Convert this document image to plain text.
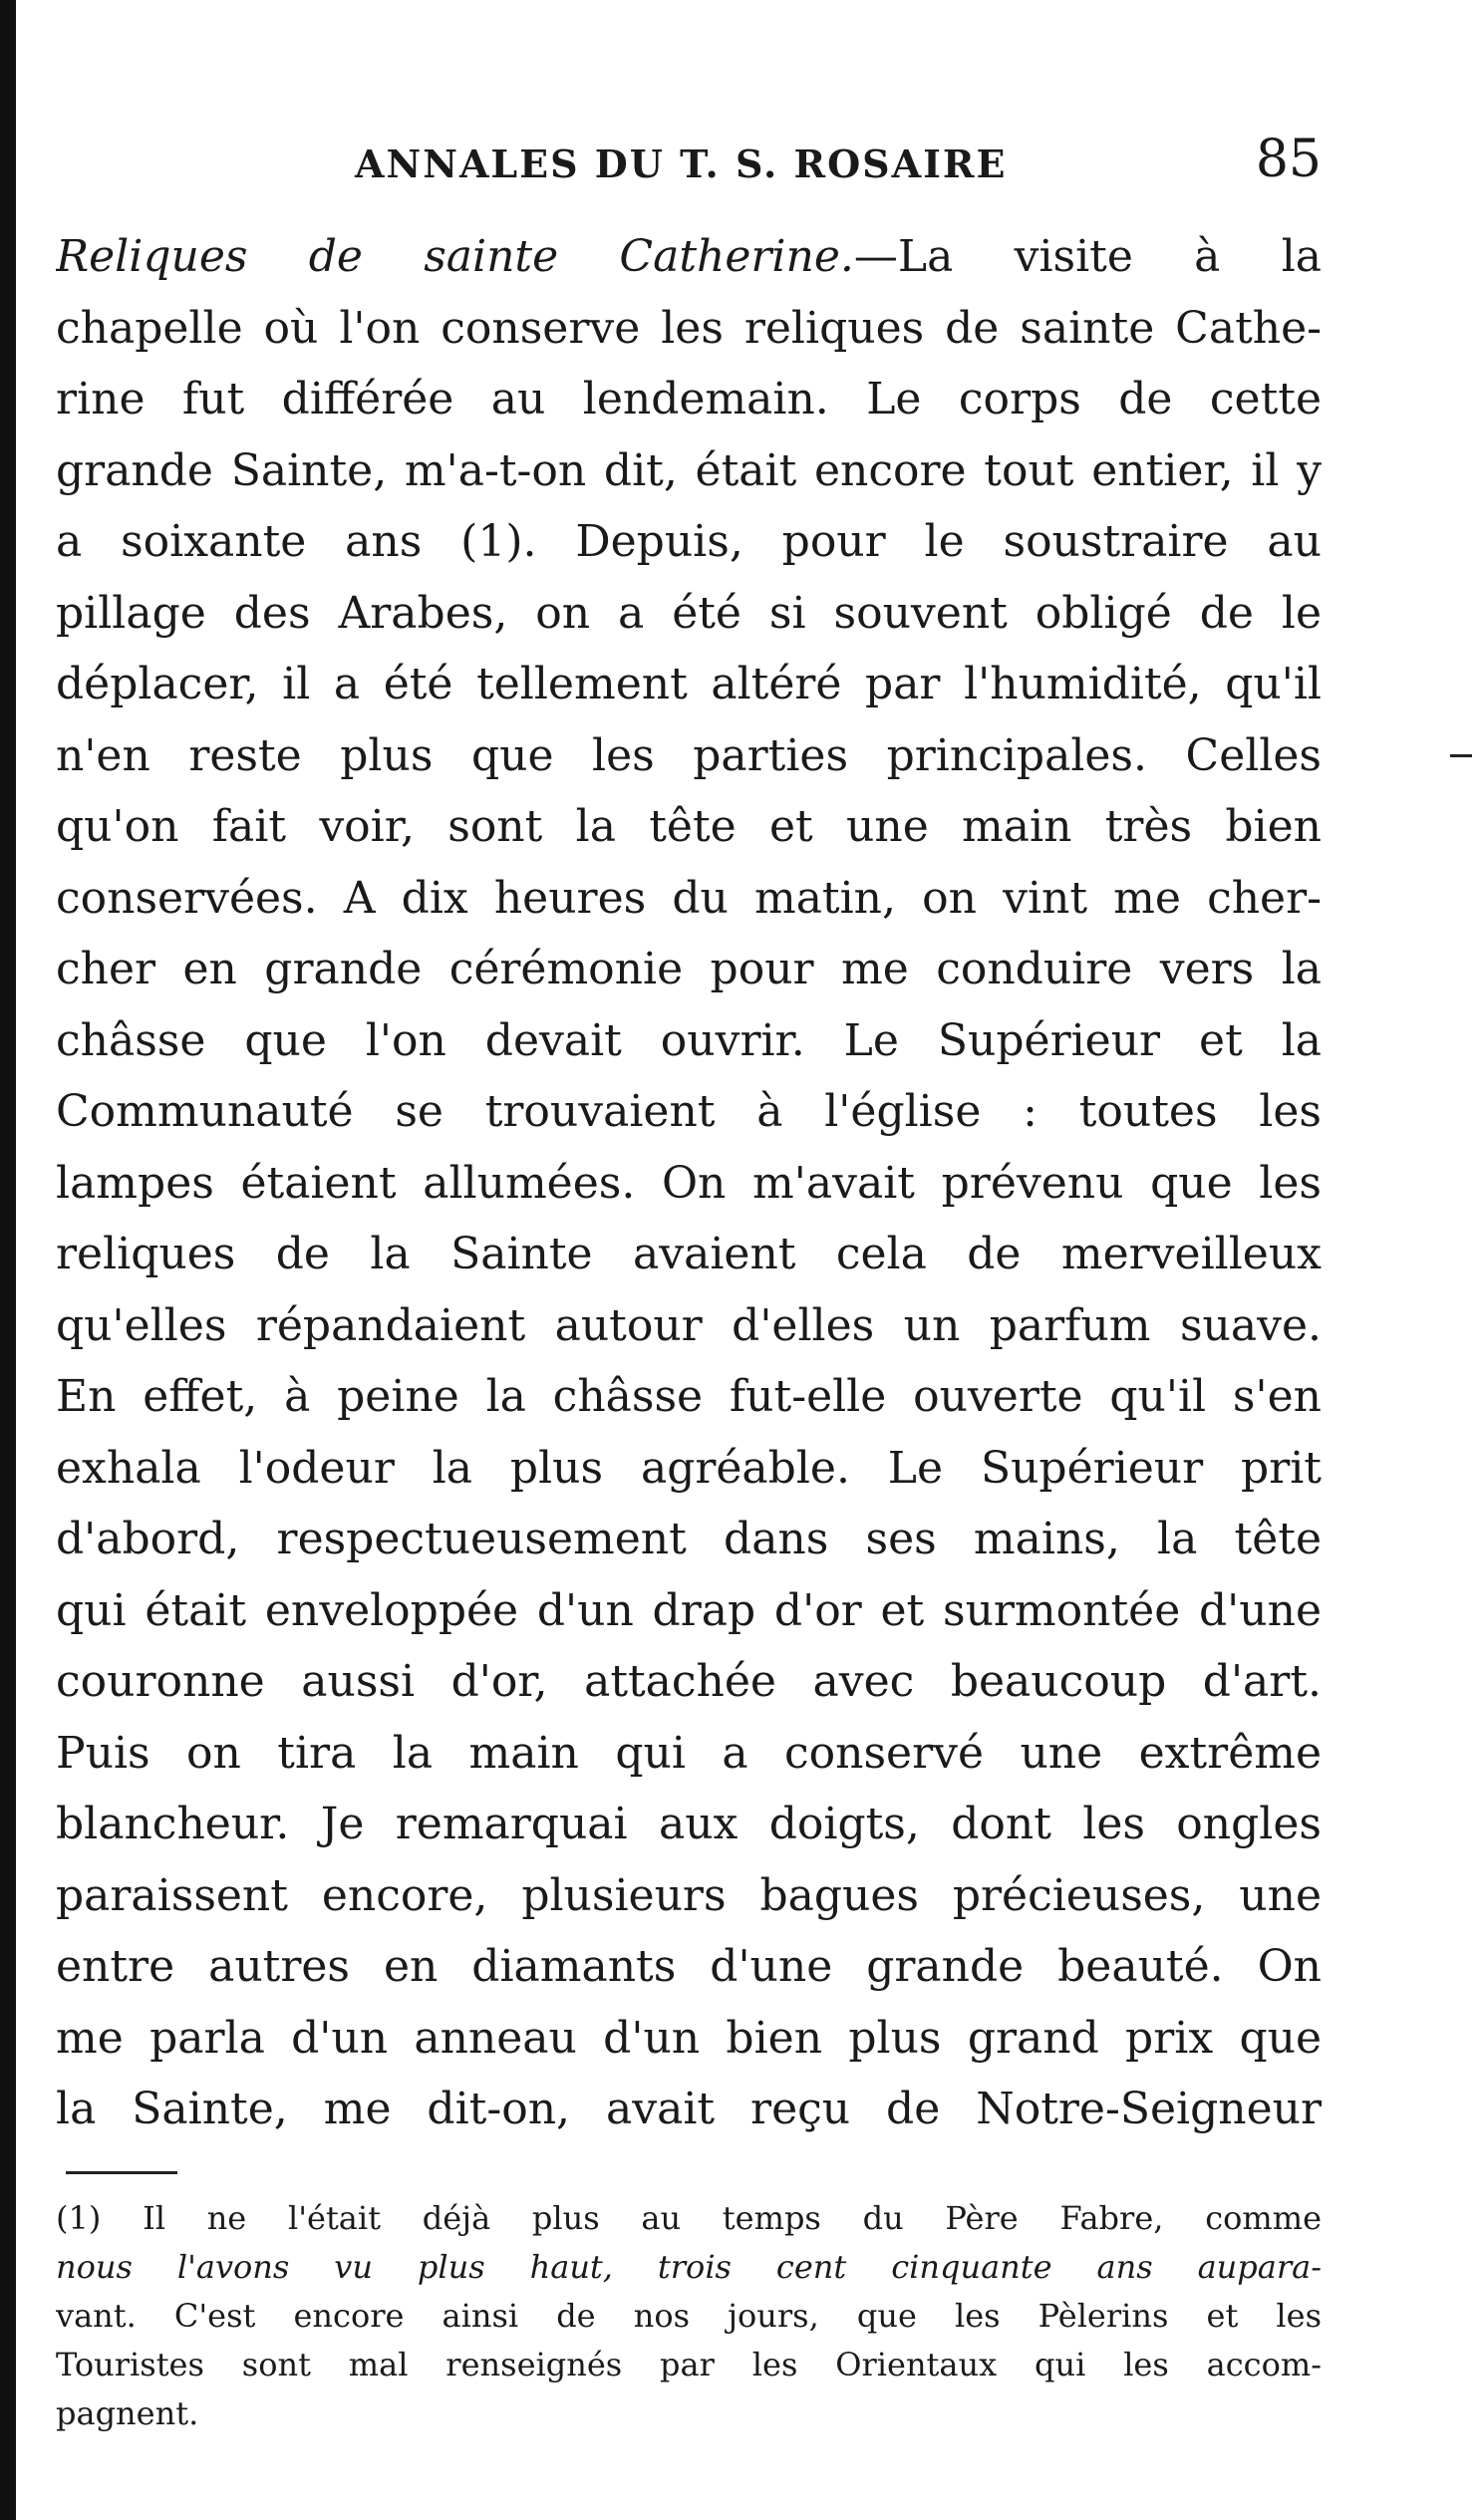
ANNALES DU T. S. ROSAIRE	85
Reliques de sainte Catherine.—La visite à la
chapelle où l'on conserve les reliques de sainte Cathe-
rine fut différée au lendemain. Le corps de cette
grande Sainte, m'a-t-on dit, était encore tout entier, il y
a soixante ans (1). Depuis, pour le soustraire au
pillage des Arabes, on a été si souvent obligé de le
déplacer, il a été tellement altéré par l'humidité, qu'il
n'en reste plus que les parties principales. Celles
qu'on fait voir, sont la tête et une main très bien
conservées. A dix heures du matin, on vint me cher-
cher en grande cérémonie pour me conduire vers la
châsse que l'on devait ouvrir. Le Supérieur et la
Communauté se trouvaient à l'église : toutes les
lampes étaient allumées. On m'avait prévenu que les
reliques de la Sainte avaient cela de merveilleux
qu'elles répandaient autour d'elles un parfum suave.
En effet, à peine la châsse fut-elle ouverte qu'il s'en
exhala l'odeur la plus agréable. Le Supérieur prit
d'abord, respectueusement dans ses mains, la tête
qui était enveloppée d'un drap d'or et surmontée d'une
couronne aussi d'or, attachée avec beaucoup d'art.
Puis on tira la main qui a conservé une extrême
blancheur. Je remarquai aux doigts, dont les ongles
paraissent encore, plusieurs bagues précieuses, une
entre autres en diamants d'une grande beauté. On
me parla d'un anneau d'un bien plus grand prix que
la Sainte, me dit-on, avait reçu de Notre-Seigneur
(1) Il ne l'était déjà plus au temps du Père Fabre, comme
nous l'avons vu plus haut, trois cent cinquante ans aupara-
vant. C'est encore ainsi de nos jours, que les Pèlerins et les
Touristes sont mal renseignés par les Orientaux qui les accom-
pagnent.
